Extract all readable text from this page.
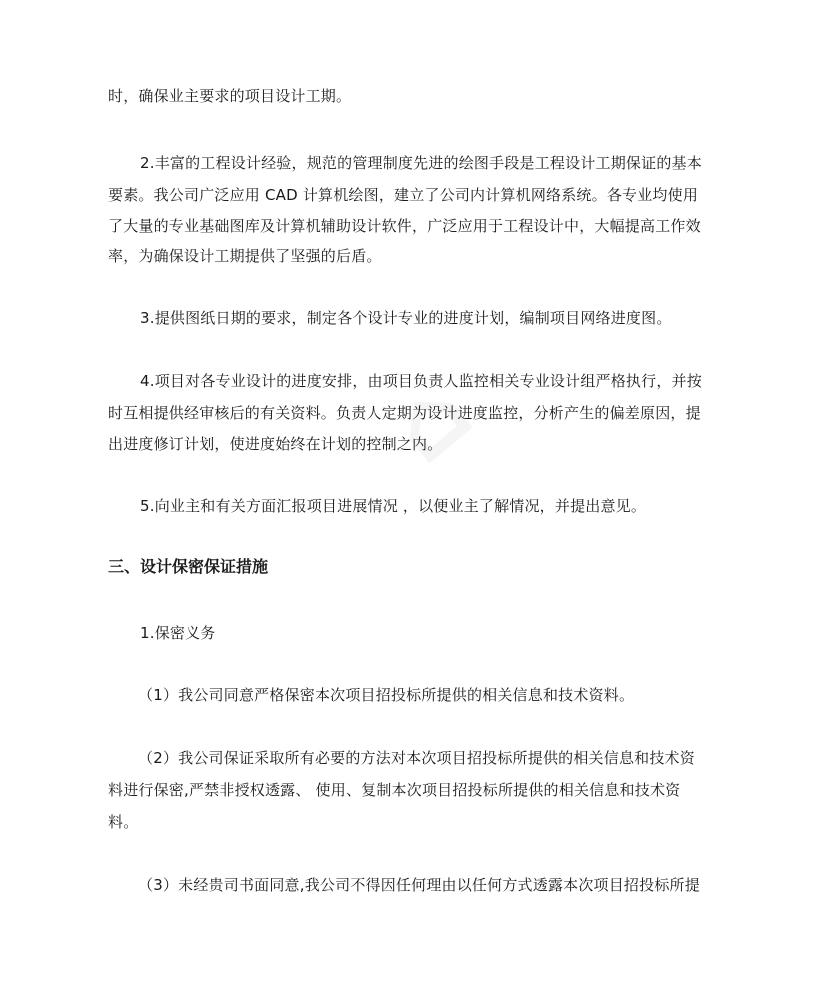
⌂
时，确保业主要求的项目设计工期。
2.丰富的工程设计经验，规范的管理制度先进的绘图手段是工程设计工期保证的基本
要素。我公司广泛应用 CAD 计算机绘图，建立了公司内计算机网络系统。各专业均使用
了大量的专业基础图库及计算机辅助设计软件，广泛应用于工程设计中，大幅提高工作效
率，为确保设计工期提供了坚强的后盾。
3.提供图纸日期的要求，制定各个设计专业的进度计划，编制项目网络进度图。
4.项目对各专业设计的进度安排，由项目负责人监控相关专业设计组严格执行，并按
时互相提供经审核后的有关资料。负责人定期为设计进度监控，分析产生的偏差原因，提
出进度修订计划，使进度始终在计划的控制之内。
5.向业主和有关方面汇报项目进展情况 ，以便业主了解情况，并提出意见。
三、设计保密保证措施
1.保密义务
（1）我公司同意严格保密本次项目招投标所提供的相关信息和技术资料。
（2）我公司保证采取所有必要的方法对本次项目招投标所提供的相关信息和技术资
料进行保密,严禁非授权透露、 使用、复制本次项目招投标所提供的相关信息和技术资
料。
（3）未经贵司书面同意,我公司不得因任何理由以任何方式透露本次项目招投标所提
